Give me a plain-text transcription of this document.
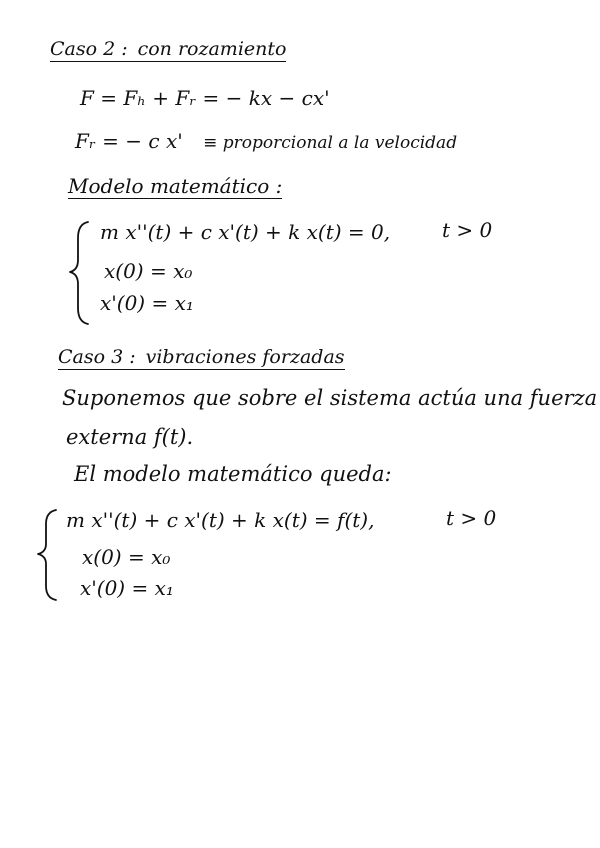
Caso 2 : con rozamiento
F = Fₕ + Fᵣ = − kx − cx'
Fᵣ = − c x' ≡ proporcional a la velocidad
Modelo matemático :
m x''(t) + c x'(t) + k x(t) = 0,	t > 0
x(0) = x₀
x'(0) = x₁
Caso 3 : vibraciones forzadas
Suponemos que sobre el sistema actúa una fuerza
externa f(t).
El modelo matemático queda:
m x''(t) + c x'(t) + k x(t) = f(t),	t > 0
x(0) = x₀
x'(0) = x₁
